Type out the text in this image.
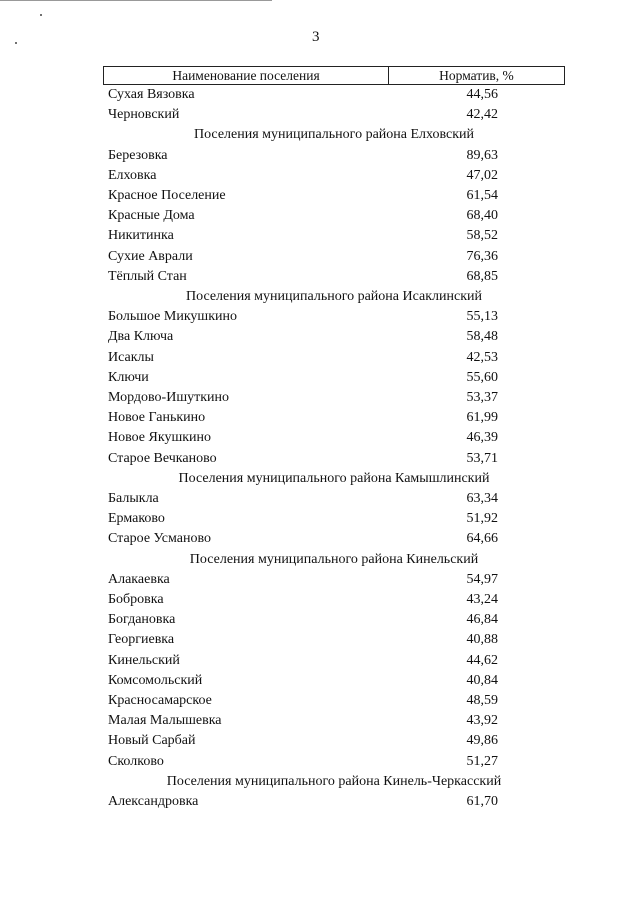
3
Наименование поселения	Норматив, %
Сухая Вязовка	44,56
Черновский	42,42
Поселения муниципального района Елховский
Березовка	89,63
Елховка	47,02
Красное Поселение	61,54
Красные Дома	68,40
Никитинка	58,52
Сухие Аврали	76,36
Тёплый Стан	68,85
Поселения муниципального района Исаклинский
Большое Микушкино	55,13
Два Ключа	58,48
Исаклы	42,53
Ключи	55,60
Мордово-Ишуткино	53,37
Новое Ганькино	61,99
Новое Якушкино	46,39
Старое Вечканово	53,71
Поселения муниципального района Камышлинский
Балыкла	63,34
Ермаково	51,92
Старое Усманово	64,66
Поселения муниципального района Кинельский
Алакаевка	54,97
Бобровка	43,24
Богдановка	46,84
Георгиевка	40,88
Кинельский	44,62
Комсомольский	40,84
Красносамарское	48,59
Малая Малышевка	43,92
Новый Сарбай	49,86
Сколково	51,27
Поселения муниципального района Кинель-Черкасский
Александровка	61,70
